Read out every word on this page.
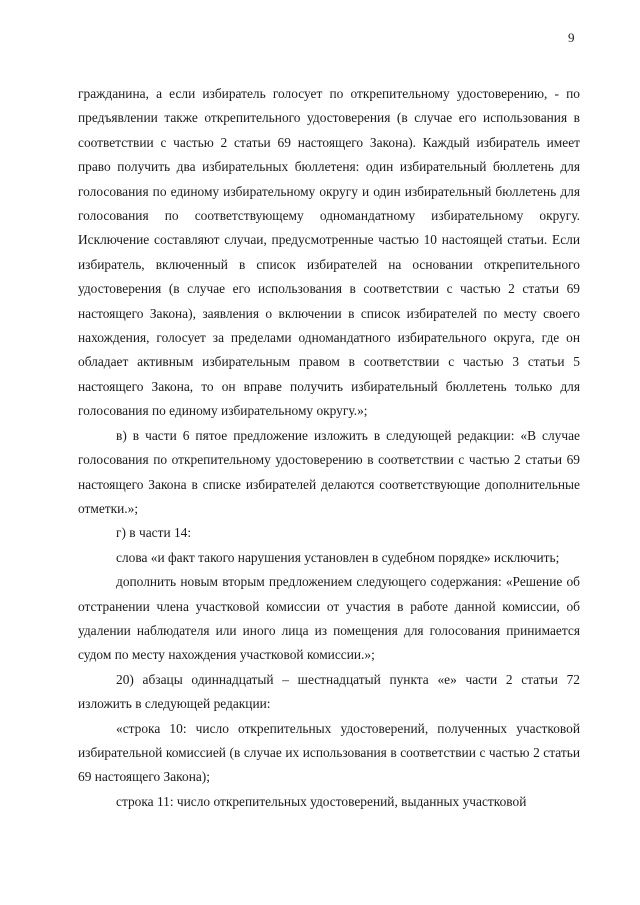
9

гражданина, а если избиратель голосует по открепительному удостоверению, - по предъявлении также открепительного удостоверения (в случае его использования в соответствии с частью 2 статьи 69 настоящего Закона). Каждый избиратель имеет право получить два избирательных бюллетеня: один избирательный бюллетень для голосования по единому избирательному округу и один избирательный бюллетень для голосования по соответствующему одномандатному избирательному округу. Исключение составляют случаи, предусмотренные частью 10 настоящей статьи. Если избиратель, включенный в список избирателей на основании открепительного удостоверения (в случае его использования в соответствии с частью 2 статьи 69 настоящего Закона), заявления о включении в список избирателей по месту своего нахождения, голосует за пределами одномандатного избирательного округа, где он обладает активным избирательным правом в соответствии с частью 3 статьи 5 настоящего Закона, то он вправе получить избирательный бюллетень только для голосования по единому избирательному округу.»;

в) в части 6 пятое предложение изложить в следующей редакции: «В случае голосования по открепительному удостоверению в соответствии с частью 2 статьи 69 настоящего Закона в списке избирателей делаются соответствующие дополнительные отметки.»;

г) в части 14:

слова «и факт такого нарушения установлен в судебном порядке» исключить;

дополнить новым вторым предложением следующего содержания: «Решение об отстранении члена участковой комиссии от участия в работе данной комиссии, об удалении наблюдателя или иного лица из помещения для голосования принимается судом по месту нахождения участковой комиссии.»;

20) абзацы одиннадцатый – шестнадцатый пункта «е» части 2 статьи 72 изложить в следующей редакции:

«строка 10: число открепительных удостоверений, полученных участковой избирательной комиссией (в случае их использования в соответствии с частью 2 статьи 69 настоящего Закона);

строка 11: число открепительных удостоверений, выданных участковой
